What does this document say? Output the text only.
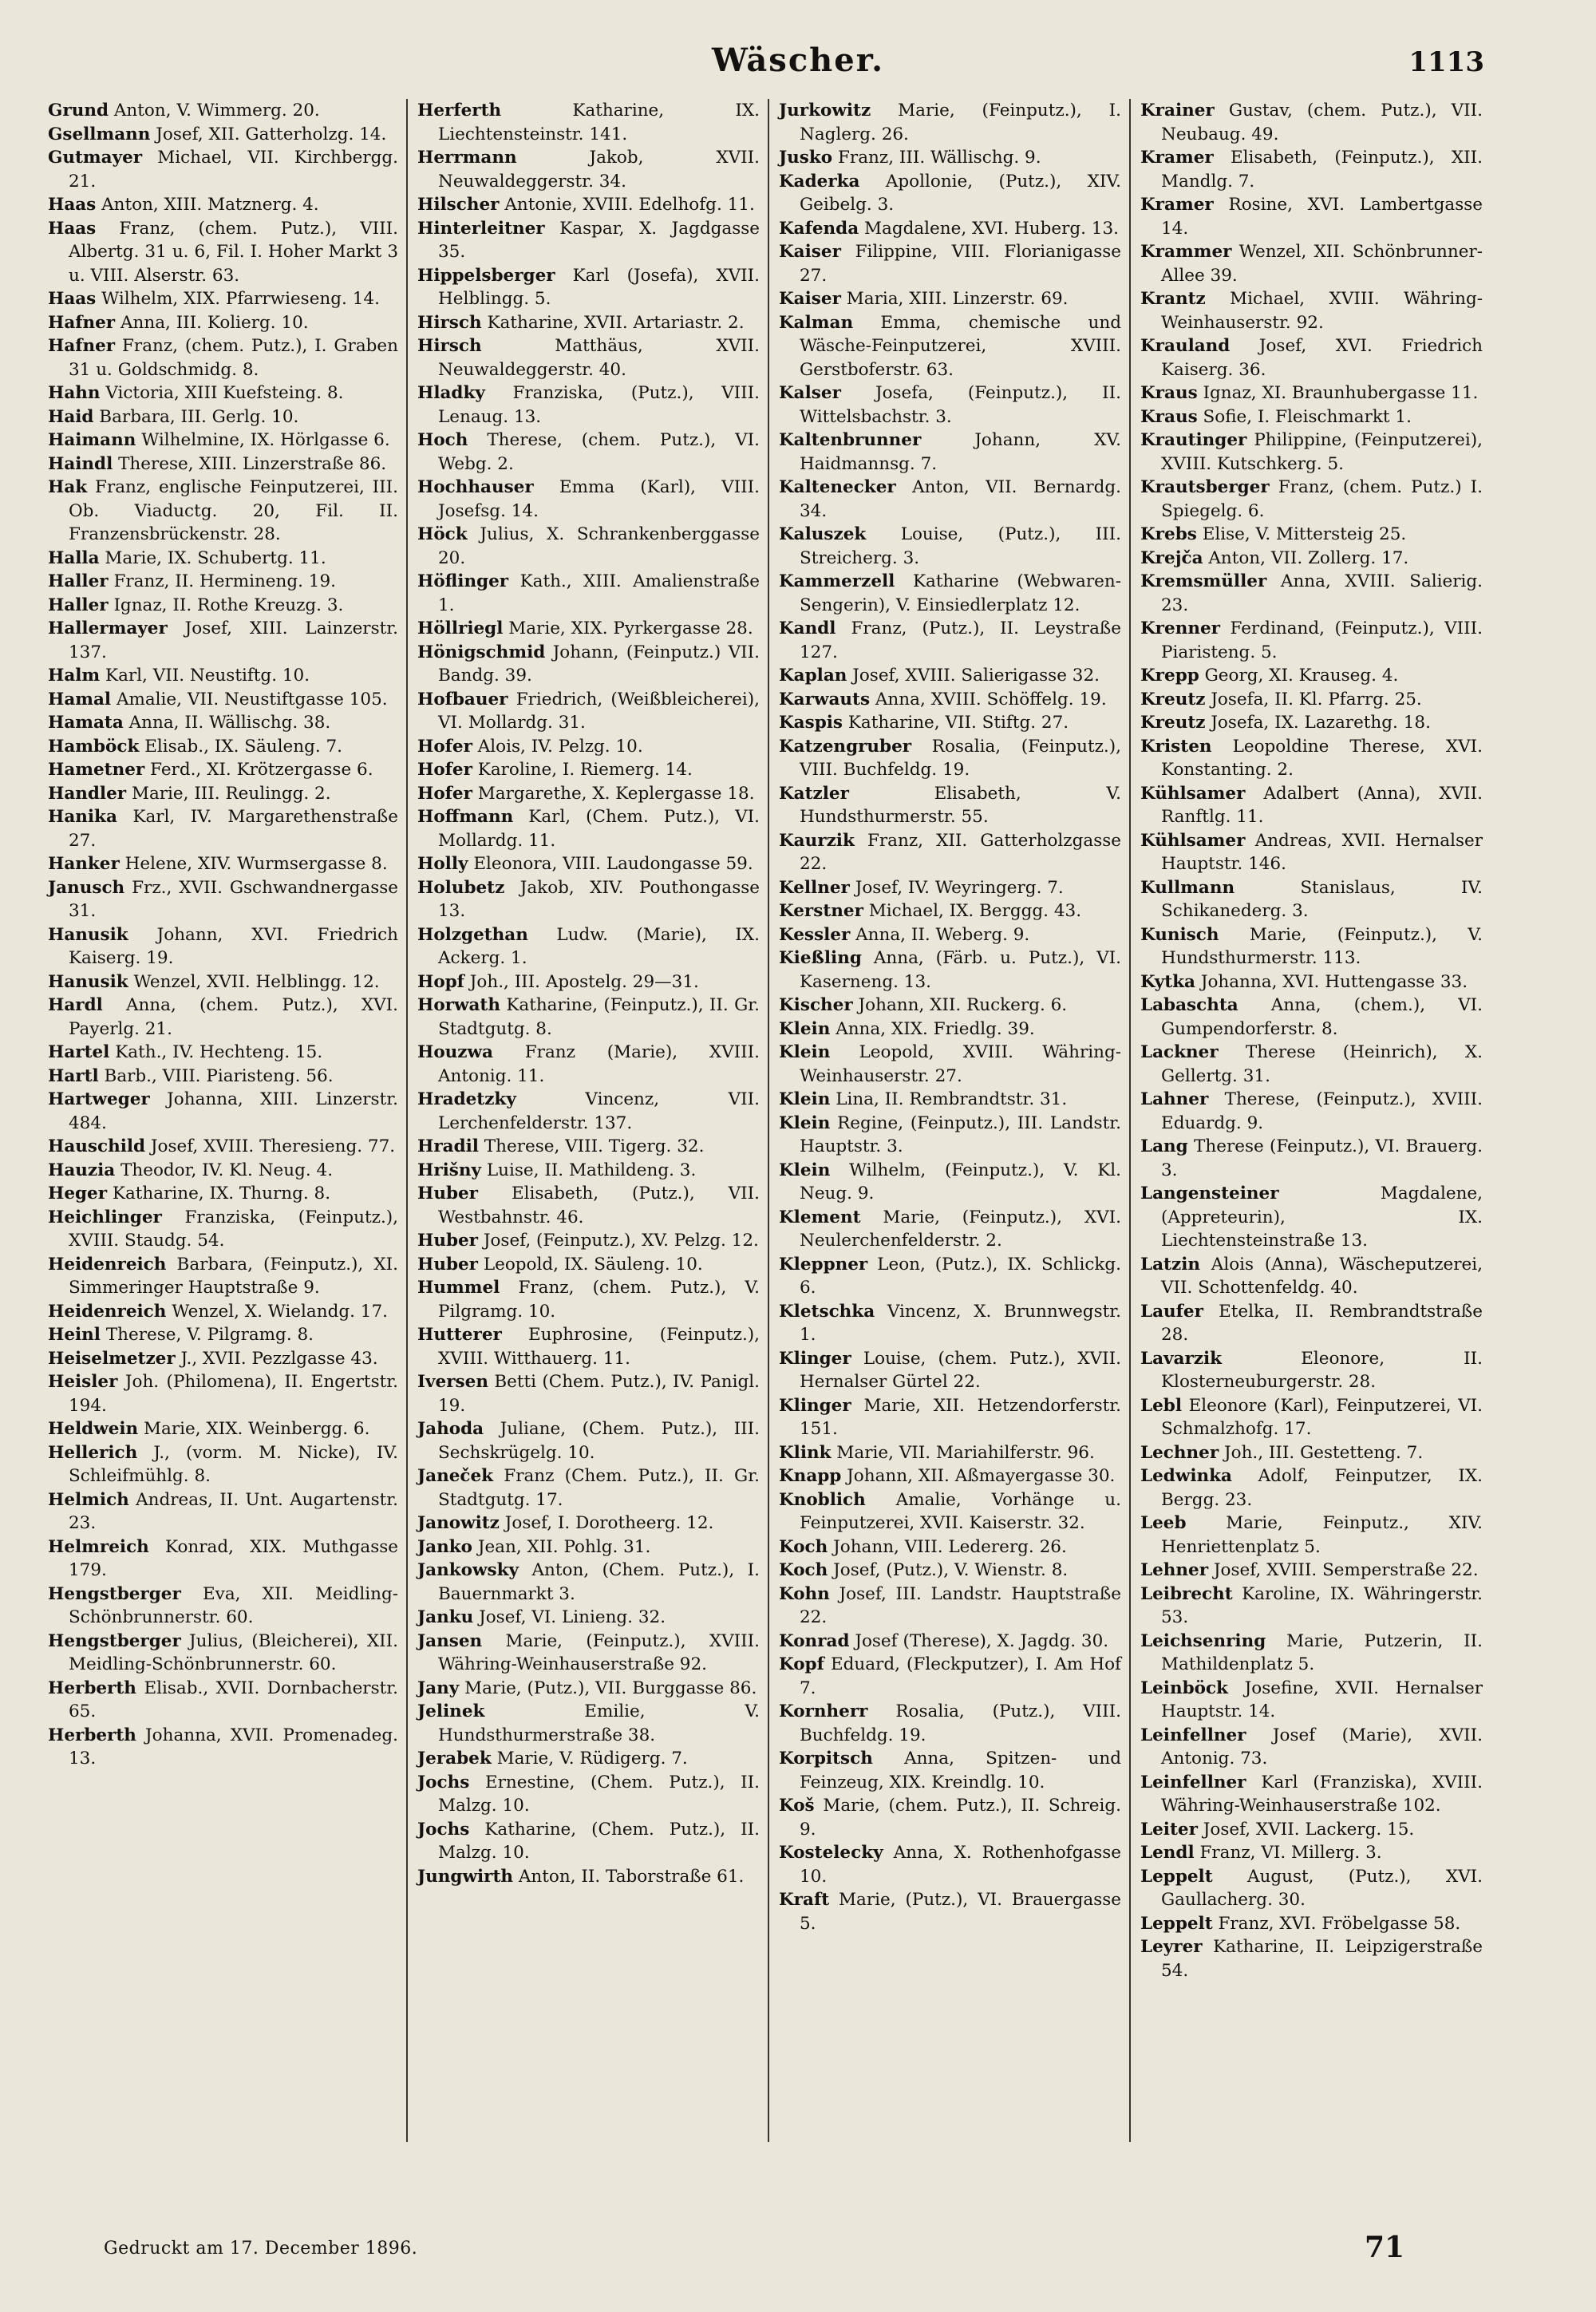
Wäscher.	1113

Grund Anton, V. Wimmerg. 20.

Gsellmann Josef, XII. Gatterholzg. 14.

Gutmayer Michael, VII. Kirchbergg. 21.

Haas Anton, XIII. Matznerg. 4.

Haas Franz, (chem. Putz.), VIII. Albertg. 31 u. 6, Fil. I. Hoher Markt 3 u. VIII. Alserstr. 63.

Haas Wilhelm, XIX. Pfarrwieseng. 14.

Hafner Anna, III. Kolierg. 10.

Hafner Franz, (chem. Putz.), I. Graben 31 u. Goldschmidg. 8.

Hahn Victoria, XIII Kuefsteing. 8.

Haid Barbara, III. Gerlg. 10.

Haimann Wilhelmine, IX. Hörlgasse 6.

Haindl Therese, XIII. Linzerstraße 86.

Hak Franz, englische Feinputzerei, III. Ob. Viaductg. 20, Fil. II. Franzensbrückenstr. 28.

Halla Marie, IX. Schubertg. 11.

Haller Franz, II. Hermineng. 19.

Haller Ignaz, II. Rothe Kreuzg. 3.

Hallermayer Josef, XIII. Lainzerstr. 137.

Halm Karl, VII. Neustiftg. 10.

Hamal Amalie, VII. Neustiftgasse 105.

Hamata Anna, II. Wällischg. 38.

Hamböck Elisab., IX. Säuleng. 7.

Hametner Ferd., XI. Krötzergasse 6.

Handler Marie, III. Reulingg. 2.

Hanika Karl, IV. Margarethenstraße 27.

Hanker Helene, XIV. Wurmsergasse 8.

Janusch Frz., XVII. Gschwandnergasse 31.

Hanusik Johann, XVI. Friedrich Kaiserg. 19.

Hanusik Wenzel, XVII. Helblingg. 12.

Hardl Anna, (chem. Putz.), XVI. Payerlg. 21.

Hartel Kath., IV. Hechteng. 15.

Hartl Barb., VIII. Piaristeng. 56.

Hartweger Johanna, XIII. Linzerstr. 484.

Hauschild Josef, XVIII. Theresieng. 77.

Hauzia Theodor, IV. Kl. Neug. 4.

Heger Katharine, IX. Thurng. 8.

Heichlinger Franziska, (Feinputz.), XVIII. Staudg. 54.

Heidenreich Barbara, (Feinputz.), XI. Simmeringer Hauptstraße 9.

Heidenreich Wenzel, X. Wielandg. 17.

Heinl Therese, V. Pilgramg. 8.

Heiselmetzer J., XVII. Pezzlgasse 43.

Heisler Joh. (Philomena), II. Engertstr. 194.

Heldwein Marie, XIX. Weinbergg. 6.

Hellerich J., (vorm. M. Nicke), IV. Schleifmühlg. 8.

Helmich Andreas, II. Unt. Augartenstr. 23.

Helmreich Konrad, XIX. Muthgasse 179.

Hengstberger Eva, XII. Meidling-Schönbrunnerstr. 60.

Hengstberger Julius, (Bleicherei), XII. Meidling-Schönbrunnerstr. 60.

Herberth Elisab., XVII. Dornbacherstr. 65.

Herberth Johanna, XVII. Promenadeg. 13.

Herferth	Katharine, IX. Liechtensteinstr. 141.

Herrmann	Jakob, XVII. Neuwaldeggerstr. 34.

Hilscher Antonie, XVIII. Edelhofg. 11.

Hinterleitner Kaspar, X. Jagdgasse 35.

Hippelsberger Karl (Josefa), XVII. Helblingg. 5.

Hirsch Katharine, XVII. Artariastr. 2.

Hirsch	Matthäus, XVII. Neuwaldeggerstr. 40.

Hladky Franziska, (Putz.), VIII. Lenaug. 13.

Hoch Therese, (chem. Putz.), VI. Webg. 2.

Hochhauser Emma (Karl), VIII. Josefsg. 14.

Höck Julius, X. Schrankenberggasse 20.

Höflinger Kath., XIII. Amalienstraße 1.

Höllriegl Marie, XIX. Pyrkergasse 28.

Hönigschmid Johann, (Feinputz.) VII. Bandg. 39.

Hofbauer Friedrich, (Weißbleicherei), VI. Mollardg. 31.

Hofer Alois, IV. Pelzg. 10.

Hofer Karoline, I. Riemerg. 14.

Hofer Margarethe, X. Keplergasse 18.

Hoffmann Karl, (Chem. Putz.), VI. Mollardg. 11.

Holly Eleonora, VIII. Laudongasse 59.

Holubetz Jakob, XIV. Pouthongasse 13.

Holzgethan Ludw. (Marie), IX. Ackerg. 1.

Hopf Joh., III. Apostelg. 29—31.

Horwath Katharine, (Feinputz.), II. Gr. Stadtgutg. 8.

Houzwa Franz (Marie), XVIII. Antonig. 11.

Hradetzky	Vincenz, VII. Lerchenfelderstr. 137.

Hradil Therese, VIII. Tigerg. 32.

Hrišny Luise, II. Mathildeng. 3.

Huber Elisabeth, (Putz.), VII. Westbahnstr. 46.

Huber Josef, (Feinputz.), XV. Pelzg. 12.

Huber Leopold, IX. Säuleng. 10.

Hummel Franz, (chem. Putz.), V. Pilgramg. 10.

Hutterer Euphrosine, (Feinputz.), XVIII. Witthauerg. 11.

Iversen Betti (Chem. Putz.), IV. Panigl. 19.

Jahoda Juliane, (Chem. Putz.), III. Sechskrügelg. 10.

Janeček Franz (Chem. Putz.), II. Gr. Stadtgutg. 17.

Janowitz Josef, I. Dorotheerg. 12.

Janko Jean, XII. Pohlg. 31.

Jankowsky Anton, (Chem. Putz.), I. Bauernmarkt 3.

Janku Josef, VI. Linieng. 32.

Jansen Marie, (Feinputz.), XVIII. Währing-Weinhauserstraße 92.

Jany Marie, (Putz.), VII. Burggasse 86.

Jelinek	Emilie, V. Hundsthurmerstraße 38.

Jerabek Marie, V. Rüdigerg. 7.

Jochs Ernestine, (Chem. Putz.), II. Malzg. 10.

Jochs Katharine, (Chem. Putz.), II. Malzg. 10.

Jungwirth Anton, II. Taborstraße 61.

Jurkowitz Marie, (Feinputz.), I. Naglerg. 26.

Jusko Franz, III. Wällischg. 9.

Kaderka Apollonie, (Putz.), XIV. Geibelg. 3.

Kafenda Magdalene, XVI. Huberg. 13.

Kaiser Filippine, VIII. Florianigasse 27.

Kaiser Maria, XIII. Linzerstr. 69.

Kalman Emma, chemische und Wäsche-Feinputzerei, XVIII. Gerstboferstr. 63.

Kalser Josefa, (Feinputz.), II. Wittelsbachstr. 3.

Kaltenbrunner	Johann, XV. Haidmannsg. 7.

Kaltenecker Anton, VII. Bernardg. 34.

Kaluszek Louise, (Putz.), III. Streicherg. 3.

Kammerzell Katharine (Webwaren-Sengerin), V. Einsiedlerplatz 12.

Kandl Franz, (Putz.), II. Leystraße 127.

Kaplan Josef, XVIII. Salierigasse 32.

Karwauts Anna, XVIII. Schöffelg. 19.

Kaspis Katharine, VII. Stiftg. 27.

Katzengruber Rosalia, (Feinputz.), VIII. Buchfeldg. 19.

Katzler	Elisabeth, V. Hundsthurmerstr. 55.

Kaurzik Franz, XII. Gatterholzgasse 22.

Kellner Josef, IV. Weyringerg. 7.

Kerstner Michael, IX. Berggg. 43.

Kessler Anna, II. Weberg. 9.

Kießling Anna, (Färb. u. Putz.), VI. Kaserneng. 13.

Kischer Johann, XII. Ruckerg. 6.

Klein Anna, XIX. Friedlg. 39.

Klein Leopold, XVIII. Währing-Weinhauserstr. 27.

Klein Lina, II. Rembrandtstr. 31.

Klein Regine, (Feinputz.), III. Landstr. Hauptstr. 3.

Klein Wilhelm, (Feinputz.), V. Kl. Neug. 9.

Klement Marie, (Feinputz.), XVI. Neulerchenfelderstr. 2.

Kleppner Leon, (Putz.), IX. Schlickg. 6.

Kletschka Vincenz, X. Brunnwegstr. 1.

Klinger Louise, (chem. Putz.), XVII. Hernalser Gürtel 22.

Klinger Marie, XII. Hetzendorferstr. 151.

Klink Marie, VII. Mariahilferstr. 96.

Knapp Johann, XII. Aßmayergasse 30.

Knoblich Amalie, Vorhänge u. Feinputzerei, XVII. Kaiserstr. 32.

Koch Johann, VIII. Ledererg. 26.

Koch Josef, (Putz.), V. Wienstr. 8.

Kohn Josef, III. Landstr. Hauptstraße 22.

Konrad Josef (Therese), X. Jagdg. 30.

Kopf Eduard, (Fleckputzer), I. Am Hof 7.

Kornherr Rosalia, (Putz.), VIII. Buchfeldg. 19.

Korpitsch Anna, Spitzen- und Feinzeug, XIX. Kreindlg. 10.

Koš Marie, (chem. Putz.), II. Schreig. 9.

Kostelecky Anna, X. Rothenhofgasse 10.

Kraft Marie, (Putz.), VI. Brauergasse 5.

Krainer Gustav, (chem. Putz.), VII. Neubaug. 49.

Kramer Elisabeth, (Feinputz.), XII. Mandlg. 7.

Kramer Rosine, XVI. Lambertgasse 14.

Krammer Wenzel, XII. Schönbrunner-Allee 39.

Krantz Michael, XVIII. Währing-Weinhauserstr. 92.

Krauland Josef, XVI. Friedrich Kaiserg. 36.

Kraus Ignaz, XI. Braunhubergasse 11.

Kraus Sofie, I. Fleischmarkt 1.

Krautinger Philippine, (Feinputzerei), XVIII. Kutschkerg. 5.

Krautsberger Franz, (chem. Putz.) I. Spiegelg. 6.

Krebs Elise, V. Mittersteig 25.

Krejča Anton, VII. Zollerg. 17.

Kremsmüller Anna, XVIII. Salierig. 23.

Krenner Ferdinand, (Feinputz.), VIII. Piaristeng. 5.

Krepp Georg, XI. Krauseg. 4.

Kreutz Josefa, II. Kl. Pfarrg. 25.

Kreutz Josefa, IX. Lazarethg. 18.

Kristen Leopoldine Therese, XVI. Konstanting. 2.

Kühlsamer Adalbert (Anna), XVII. Ranftlg. 11.

Kühlsamer Andreas, XVII. Hernalser Hauptstr. 146.

Kullmann	Stanislaus, IV. Schikanederg. 3.

Kunisch Marie, (Feinputz.), V. Hundsthurmerstr. 113.

Kytka Johanna, XVI. Huttengasse 33.

Labaschta Anna, (chem.), VI. Gumpendorferstr. 8.

Lackner Therese (Heinrich), X. Gellertg. 31.

Lahner Therese, (Feinputz.), XVIII. Eduardg. 9.

Lang Therese (Feinputz.), VI. Brauerg. 3.

Langensteiner	Magdalene, (Appreteurin), IX. Liechtensteinstraße 13.

Latzin Alois (Anna), Wäscheputzerei, VII. Schottenfeldg. 40.

Laufer Etelka, II. Rembrandtstraße 28.

Lavarzik	Eleonore, II. Klosterneuburgerstr. 28.

Lebl Eleonore (Karl), Feinputzerei, VI. Schmalzhofg. 17.

Lechner Joh., III. Gestetteng. 7.

Ledwinka Adolf, Feinputzer, IX. Bergg. 23.

Leeb Marie, Feinputz., XIV. Henriettenplatz 5.

Lehner Josef, XVIII. Semperstraße 22.

Leibrecht Karoline, IX. Währingerstr. 53.

Leichsenring Marie, Putzerin, II. Mathildenplatz 5.

Leinböck Josefine, XVII. Hernalser Hauptstr. 14.

Leinfellner Josef (Marie), XVII. Antonig. 73.

Leinfellner Karl (Franziska), XVIII. Währing-Weinhauserstraße 102.

Leiter Josef, XVII. Lackerg. 15.

Lendl Franz, VI. Millerg. 3.

Leppelt August, (Putz.), XVI. Gaullacherg. 30.

Leppelt Franz, XVI. Fröbelgasse 58.

Leyrer Katharine, II. Leipzigerstraße 54.

Gedruckt am 17. December 1896.	71
